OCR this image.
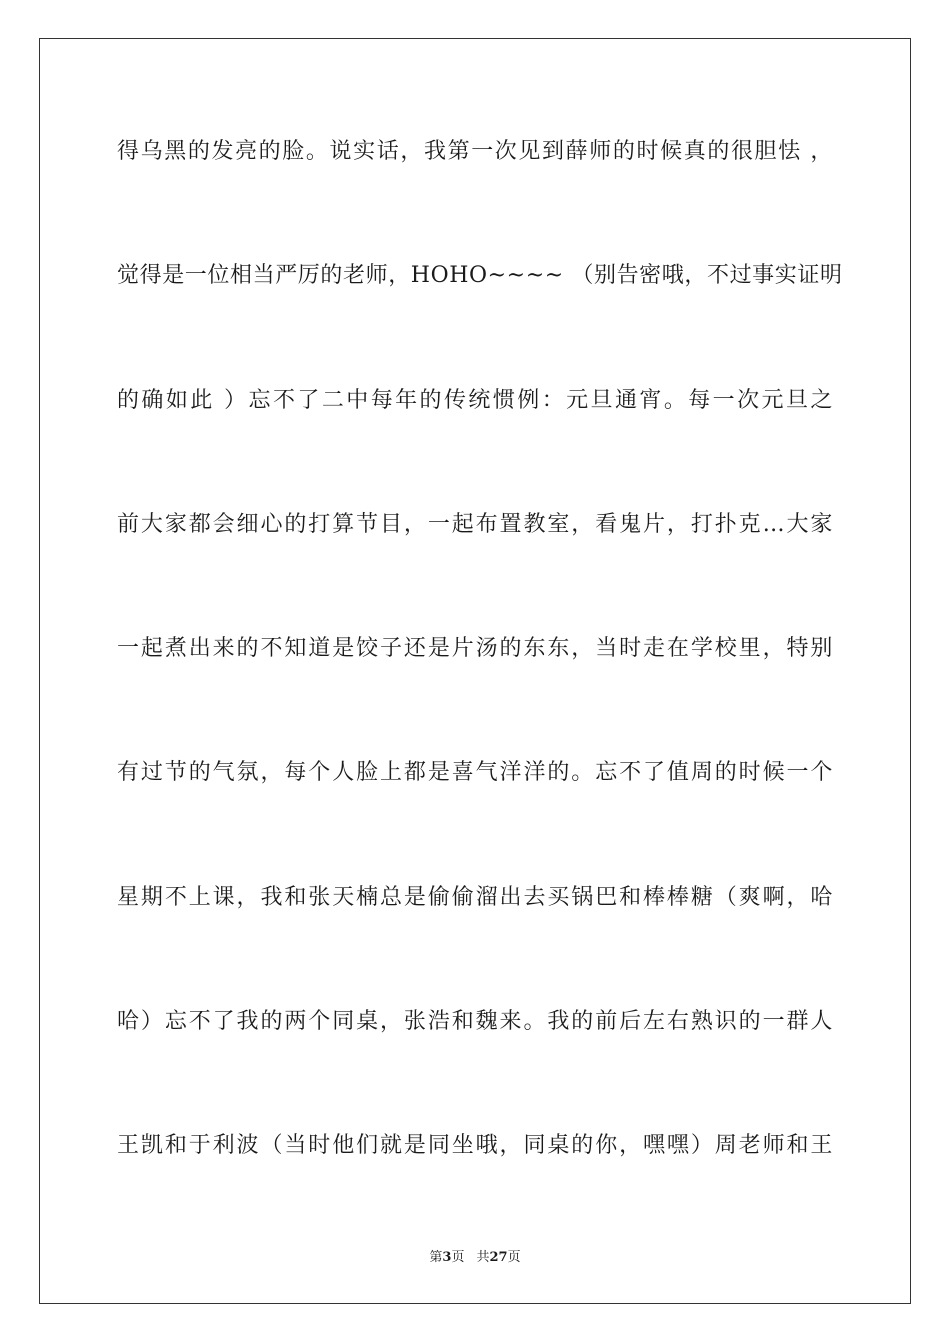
得乌黑的发亮的脸。说实话，我第一次见到薛师的时候真的很胆怯 ，
觉得是一位相当严厉的老师，HOHO~~~~ （别告密哦，不过事实证明
的确如此 ）忘不了二中每年的传统惯例：元旦通宵。每一次元旦之
前大家都会细心的打算节目，一起布置教室，看鬼片，打扑克…大家
一起煮出来的不知道是饺子还是片汤的东东，当时走在学校里，特别
有过节的气氛，每个人脸上都是喜气洋洋的。忘不了值周的时候一个
星期不上课，我和张天楠总是偷偷溜出去买锅巴和棒棒糖（爽啊，哈
哈）忘不了我的两个同桌，张浩和魏来。我的前后左右熟识的一群人
王凯和于利波（当时他们就是同坐哦，同桌的你，嘿嘿）周老师和王
第3页 共27页
